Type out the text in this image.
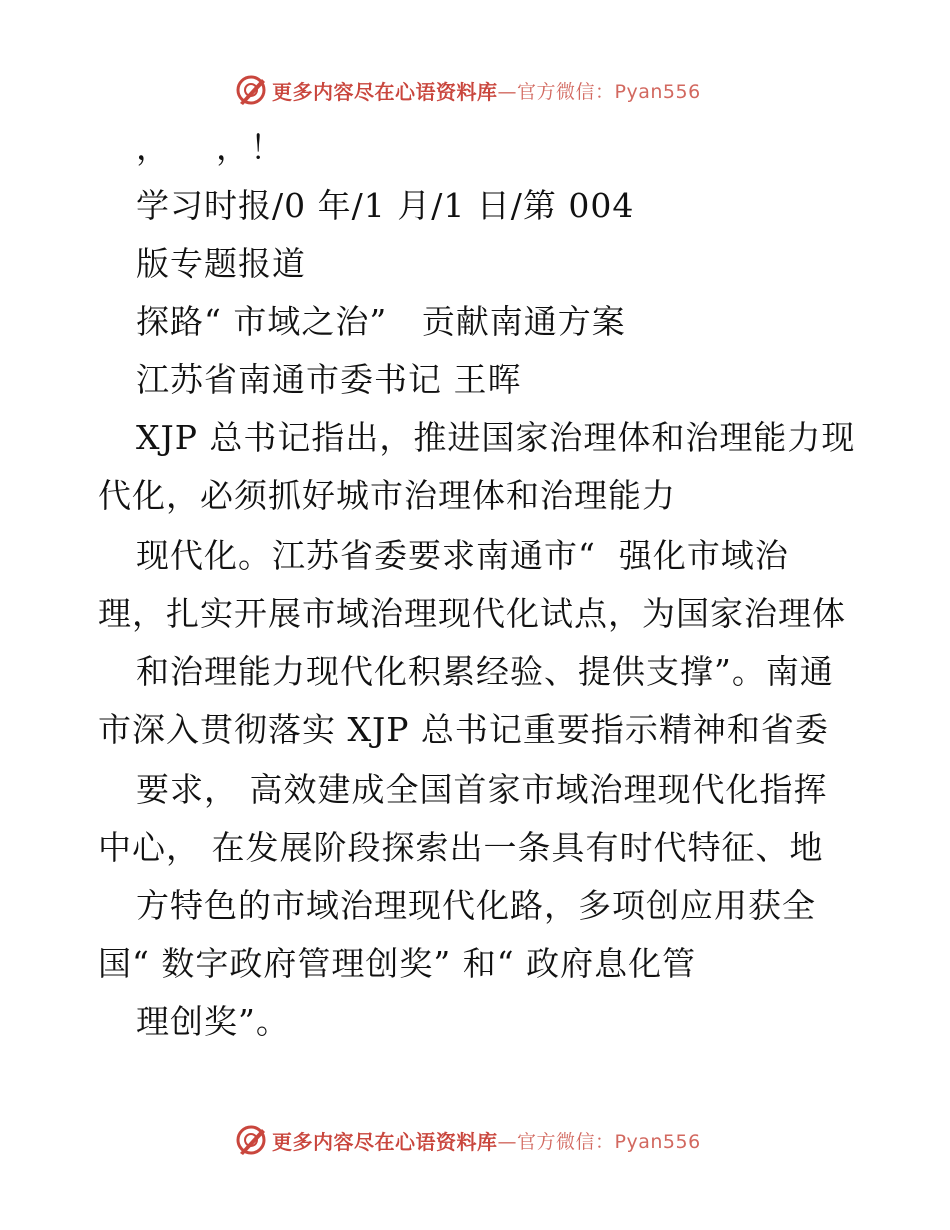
更多内容尽在心语资料库 —官方微信：Pyan556
，    ，！
学习时报/0 年/1 月/1 日/第 004
版专题报道
探路“ 市域之治”   贡献南通方案
江苏省南通市委书记 王晖
XJP 总书记指出，推进国家治理体和治理能力现
代化，必须抓好城市治理体和治理能力
现代化。江苏省委要求南通市“  强化市域治
理，扎实开展市域治理现代化试点，为国家治理体
和治理能力现代化积累经验、提供支撑”。南通
市深入贯彻落实 XJP 总书记重要指示精神和省委
要求， 高效建成全国首家市域治理现代化指挥
中心， 在发展阶段探索出一条具有时代特征、地
方特色的市域治理现代化路，多项创应用获全
国“ 数字政府管理创奖” 和“ 政府息化管
理创奖”。
更多内容尽在心语资料库 —官方微信：Pyan556
